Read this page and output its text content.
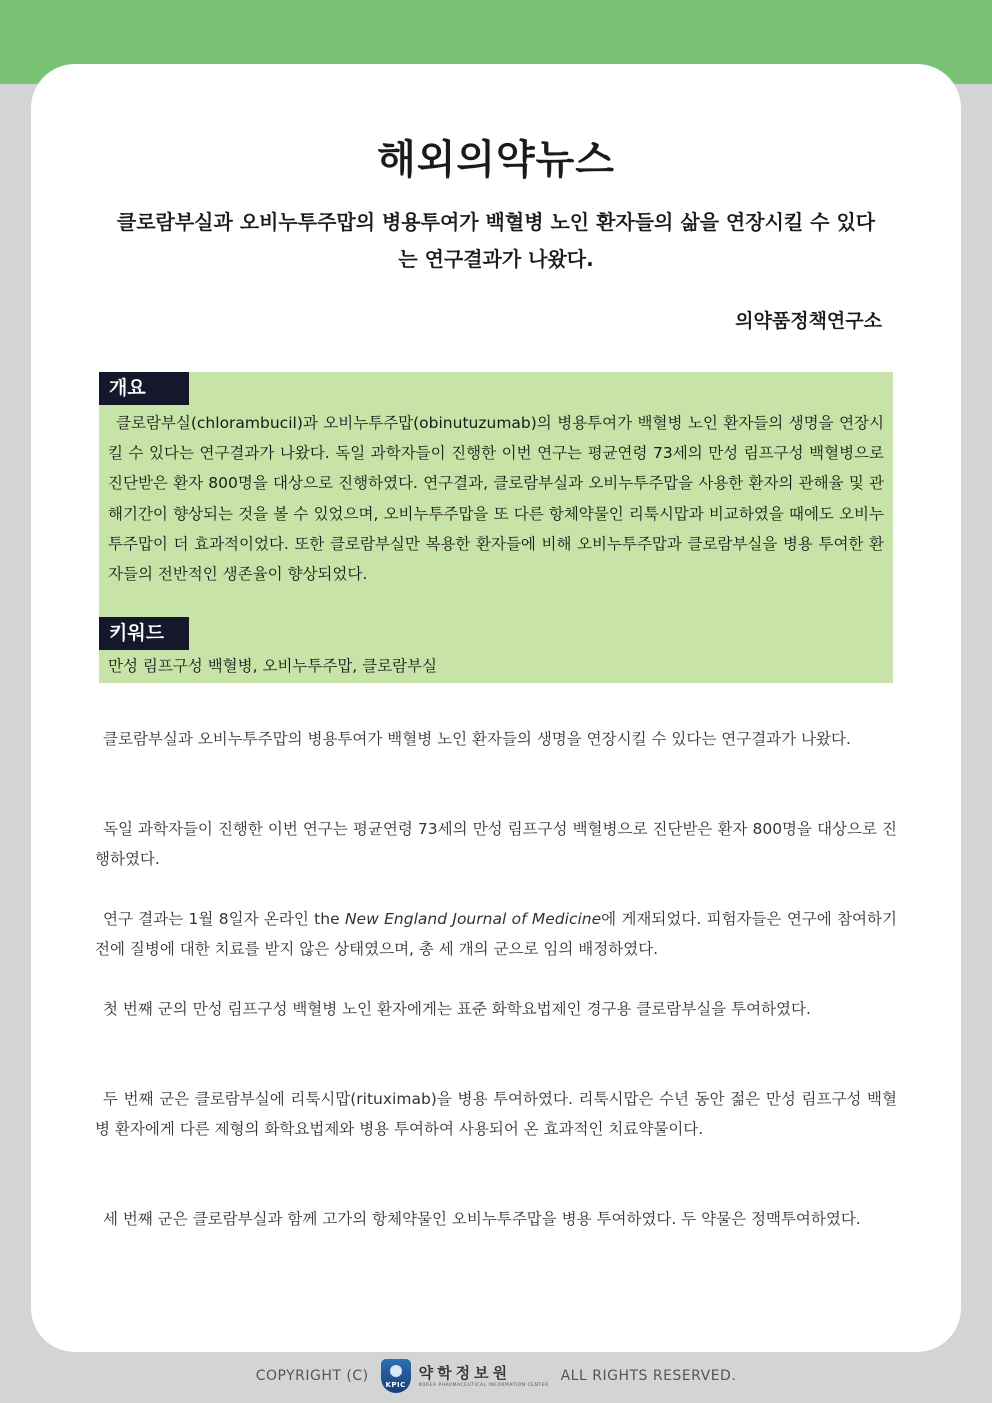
해외의약뉴스

클로람부실과 오비누투주맙의 병용투여가 백혈병 노인 환자들의 삶을 연장시킬 수 있다는 연구결과가 나왔다.

의약품정책연구소
개요

클로람부실(chlorambucil)과 오비누투주맙(obinutuzumab)의 병용투여가 백혈병 노인 환자들의 생명을 연장시킬 수 있다는 연구결과가 나왔다. 독일 과학자들이 진행한 이번 연구는 평균연령 73세의 만성 림프구성 백혈병으로 진단받은 환자 800명을 대상으로 진행하였다. 연구결과, 클로람부실과 오비누투주맙을 사용한 환자의 관해율 및 관해기간이 향상되는 것을 볼 수 있었으며, 오비누투주맙을 또 다른 항체약물인 리툭시맙과 비교하였을 때에도 오비누투주맙이 더 효과적이었다. 또한 클로람부실만 복용한 환자들에 비해 오비누투주맙과 클로람부실을 병용 투여한 환자들의 전반적인 생존율이 향상되었다.

키워드
만성 림프구성 백혈병, 오비누투주맙, 클로람부실

클로람부실과 오비누투주맙의 병용투여가 백혈병 노인 환자들의 생명을 연장시킬 수 있다는 연구결과가 나왔다.

독일 과학자들이 진행한 이번 연구는 평균연령 73세의 만성 림프구성 백혈병으로 진단받은 환자 800명을 대상으로 진행하였다.

연구 결과는 1월 8일자 온라인 the New England Journal of Medicine에 게재되었다. 피험자들은 연구에 참여하기 전에 질병에 대한 치료를 받지 않은 상태였으며, 총 세 개의 군으로 임의 배정하였다.

첫 번째 군의 만성 림프구성 백혈병 노인 환자에게는 표준 화학요법제인 경구용 클로람부실을 투여하였다.

두 번째 군은 클로람부실에 리툭시맙(rituximab)을 병용 투여하였다. 리툭시맙은 수년 동안 젊은 만성 림프구성 백혈병 환자에게 다른 제형의 화학요법제와 병용 투여하여 사용되어 온 효과적인 치료약물이다.

세 번째 군은 클로람부실과 함께 고가의 항체약물인 오비누투주맙을 병용 투여하였다. 두 약물은 정맥투여하였다.

COPYRIGHT (C)
KPIC
약학정보원
KOREA PHARMACEUTICAL INFORMATION CENTER
ALL RIGHTS RESERVED.
